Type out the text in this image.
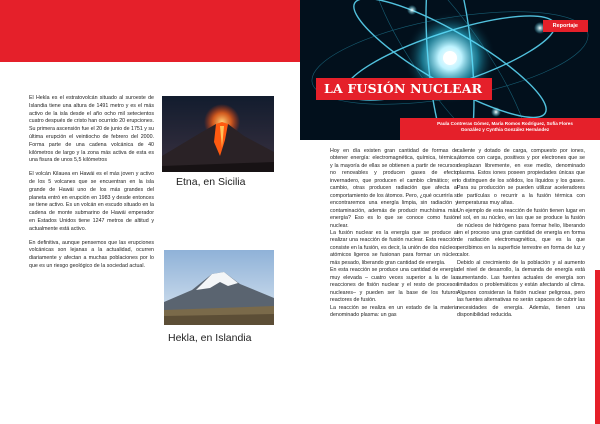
El Hekla es el estratovolcán situado al suroeste de Islandia tiene una altura de 1491 metro y es el más activo de la isla desde el año ocho mil setecientos cuatro después de cristo han ocurrido 20 erupciones. Su primera ascensión fue el 20 de junio de 1751 y su última erupción el veintiocho de febrero del 2000. Forma parte de una cadena volcánica de 40 kilómetros de largo y la zona más activa de esta es una fisura de unos 5,5 kilómetros

El volcán Kilauea en Hawái es el más joven y activo de los 5 volcanes que se encuentran en la isla grande de Hawái uno de los más grandes del planeta entró en erupción en 1983 y desde entonces se tiene activo. Es un volcán en escudo situado en la cadena de monte submarino de Hawái emperador en Estados Unidos tiene 1247 metros de altitud y actualmente está activo.

En definitiva, aunque pensemos que las erupciones volcánicas son lejanas a la actualidad, ocurren diariamente y afectan a muchas poblaciones por lo que es un riesgo geológico de la sociedad actual.

Etna, en Sicilia
Hekla, en Islandia
Reportaje
LA FUSIÓN NUCLEAR
Paula Contreras Gómez, María Romos Rodríguez, Sofía Flores González y Cynthia González Hernández

Hoy en día existen gran cantidad de formas de obtener energía: electromagnética, química, térmica, y la mayoría de ellas se obtienen a partir de recursos no renovables y producen gases de efecto invernadero, que producen el cambio climático; en cambio, otras producen radiación que afecta al comportamiento de los átomos. Pero, ¿qué ocurriría si encontraremos una energía limpia, sin radiación y contaminación, además de producir muchísima más energía? Eso es lo que se conoce como fusión nuclear.

La fusión nuclear es la energía que se produce al realizar una reacción de fusión nuclear. Esta reacción consiste en la fusión, es decir, la unión de dos núcleos atómicos ligeros se fusionan para formar un núcleo más pesado, liberando gran cantidad de energía.

En esta reacción se produce una cantidad de energía muy elevada – cuatro veces superior a la de las reacciones de fisión nuclear y el resto de procesos nucleares– y pueden ser la base de los futuros reactores de fusión.

La reacción se realiza en un estado de la materia denominado plasma: un gas

caliente y dotado de carga, compuesto por iones, átomos con carga, positivos y por electrones que se desplazan libremente, en ese medio, denominado plasma. Estos iones poseen propiedades únicas que lo distinguen de los sólidos, los líquidos y los gases. Para su producción se pueden utilizar aceleradores de partículas o recurrir a la fusión térmica con temperaturas muy altas.

Un ejemplo de esta reacción de fusión tienen lugar en el sol, en su núcleo, en las que se produce la fusión de núcleos de hidrógeno para formar helio, liberando en el proceso una gran cantidad de energía en forma de radiación electromagnética, que es la que percibimos en la superficie terrestre en forma de luz y calor.

Debido al crecimiento de la población y al aumento del nivel de desarrollo, la demanda de energía está aumentando. Las fuentes actuales de energía son limitados o problemáticos y están afectando al clima. Algunos consideran la fisión nuclear peligrosa, pero las fuentes alternativas no serán capaces de cubrir las necesidades de energía. Además, tienen una disponibilidad reducida.
